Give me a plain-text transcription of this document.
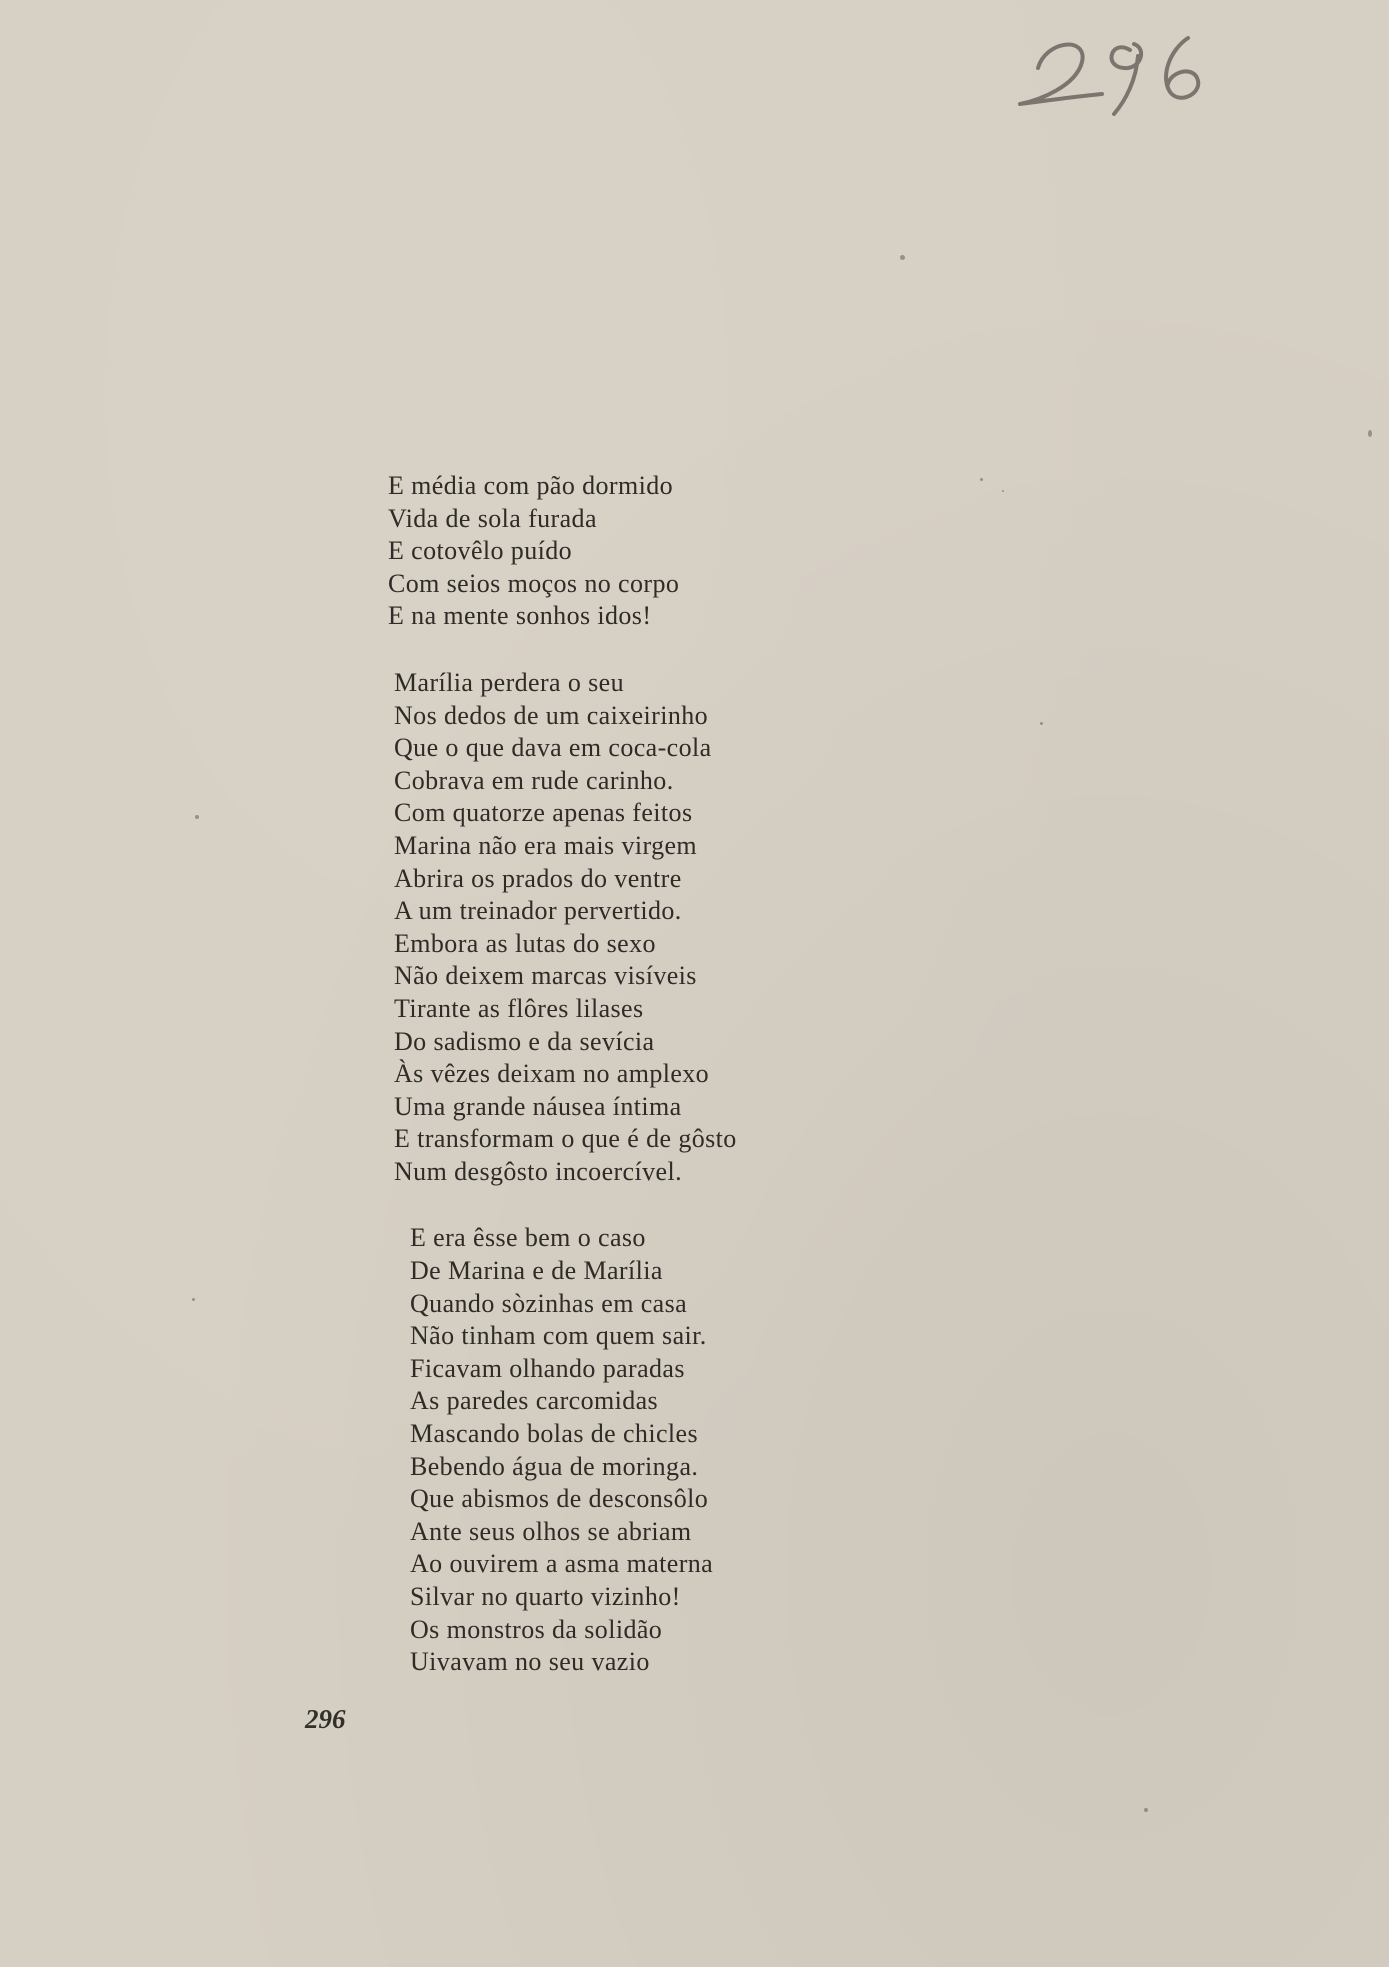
E média com pão dormido
Vida de sola furada
E cotovêlo puído
Com seios moços no corpo
E na mente sonhos idos!
Marília perdera o seu
Nos dedos de um caixeirinho
Que o que dava em coca-cola
Cobrava em rude carinho.
Com quatorze apenas feitos
Marina não era mais virgem
Abrira os prados do ventre
A um treinador pervertido.
Embora as lutas do sexo
Não deixem marcas visíveis
Tirante as flôres lilases
Do sadismo e da sevícia
Às vêzes deixam no amplexo
Uma grande náusea íntima
E transformam o que é de gôsto
Num desgôsto incoercível.
E era êsse bem o caso
De Marina e de Marília
Quando sòzinhas em casa
Não tinham com quem sair.
Ficavam olhando paradas
As paredes carcomidas
Mascando bolas de chicles
Bebendo água de moringa.
Que abismos de desconsôlo
Ante seus olhos se abriam
Ao ouvirem a asma materna
Silvar no quarto vizinho!
Os monstros da solidão
Uivavam no seu vazio
296
